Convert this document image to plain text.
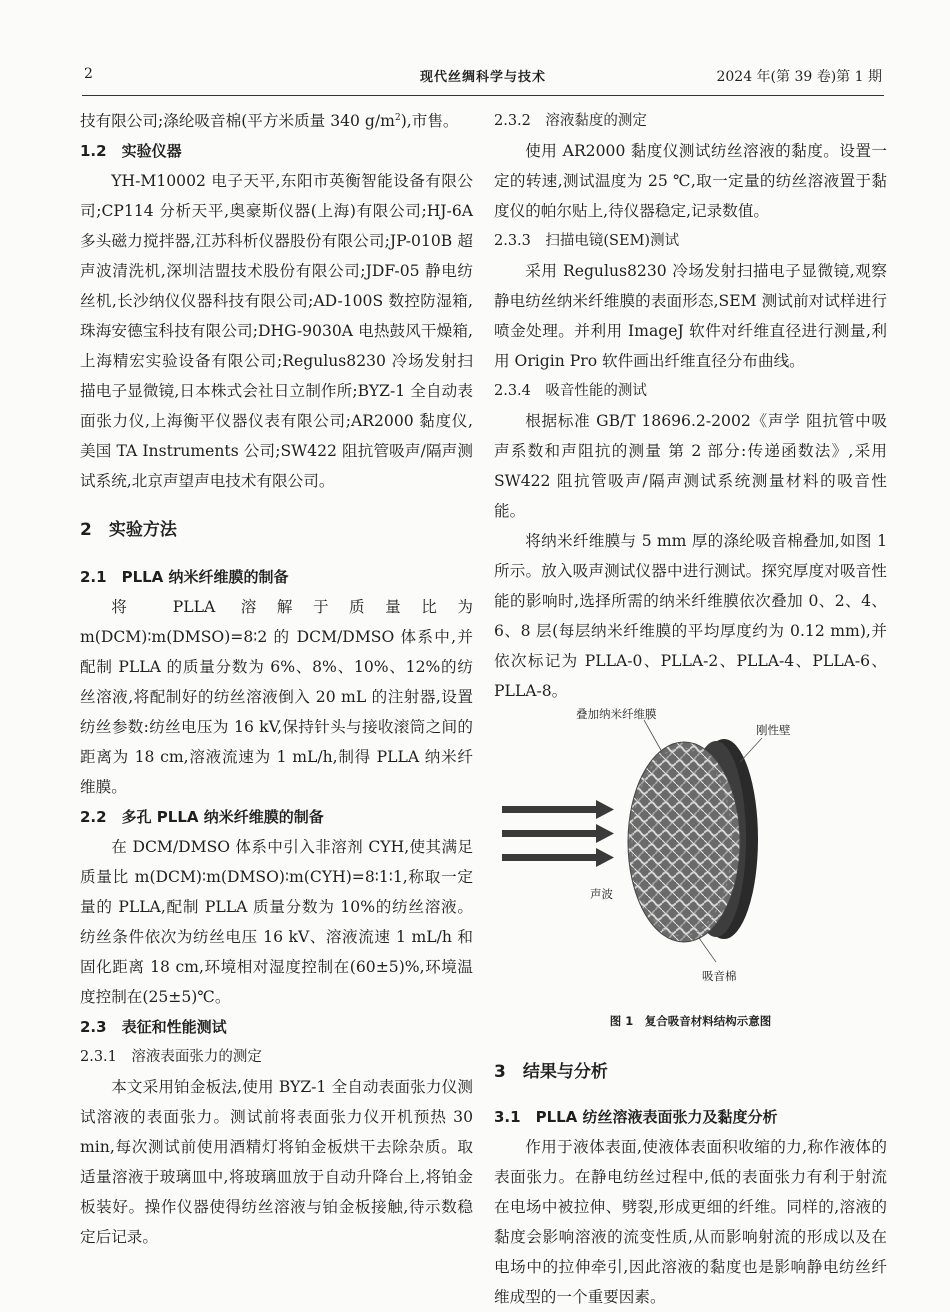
2	现代丝绸科学与技术	2024 年(第 39 卷)第 1 期

技有限公司;涤纶吸音棉(平方米质量 340 $g/m^2$),市售。

1.2　实验仪器

YH-M10002 电子天平,东阳市英衡智能设备有限公司;CP114 分析天平,奥豪斯仪器(上海)有限公司;HJ-6A 多头磁力搅拌器,江苏科析仪器股份有限公司;JP-010B 超声波清洗机,深圳洁盟技术股份有限公司;JDF-05 静电纺丝机,长沙纳仪仪器科技有限公司;AD-100S 数控防湿箱,珠海安德宝科技有限公司;DHG-9030A 电热鼓风干燥箱,上海精宏实验设备有限公司;Regulus8230 冷场发射扫描电子显微镜,日本株式会社日立制作所;BYZ-1 全自动表面张力仪,上海衡平仪器仪表有限公司;AR2000 黏度仪,美国 TA Instruments 公司;SW422 阻抗管吸声/隔声测试系统,北京声望声电技术有限公司。

2　实验方法

2.1　PLLA 纳米纤维膜的制备

将 PLLA 溶解于质量比为 m(DCM)∶m(DMSO)=8∶2 的 DCM/DMSO 体系中,并配制 PLLA 的质量分数为 6%、8%、10%、12%的纺丝溶液,将配制好的纺丝溶液倒入 20 mL 的注射器,设置纺丝参数:纺丝电压为 16 kV,保持针头与接收滚筒之间的距离为 18 cm,溶液流速为 1 mL/h,制得 PLLA 纳米纤维膜。

2.2　多孔 PLLA 纳米纤维膜的制备

在 DCM/DMSO 体系中引入非溶剂 CYH,使其满足质量比 m(DCM)∶m(DMSO)∶m(CYH)=8∶1∶1,称取一定量的 PLLA,配制 PLLA 质量分数为 10%的纺丝溶液。纺丝条件依次为纺丝电压 16 kV、溶液流速 1 mL/h 和固化距离 18 cm,环境相对湿度控制在(60±5)%,环境温度控制在(25±5)℃。

2.3　表征和性能测试

2.3.1　溶液表面张力的测定

本文采用铂金板法,使用 BYZ-1 全自动表面张力仪测试溶液的表面张力。测试前将表面张力仪开机预热 30 min,每次测试前使用酒精灯将铂金板烘干去除杂质。取适量溶液于玻璃皿中,将玻璃皿放于自动升降台上,将铂金板装好。操作仪器使得纺丝溶液与铂金板接触,待示数稳定后记录。

2.3.2　溶液黏度的测定

使用 AR2000 黏度仪测试纺丝溶液的黏度。设置一定的转速,测试温度为 25 ℃,取一定量的纺丝溶液置于黏度仪的帕尔贴上,待仪器稳定,记录数值。

2.3.3　扫描电镜(SEM)测试

采用 Regulus8230 冷场发射扫描电子显微镜,观察静电纺丝纳米纤维膜的表面形态,SEM 测试前对试样进行喷金处理。并利用 ImageJ 软件对纤维直径进行测量,利用 Origin Pro 软件画出纤维直径分布曲线。

2.3.4　吸音性能的测试

根据标准 GB/T 18696.2-2002《声学 阻抗管中吸声系数和声阻抗的测量 第 2 部分:传递函数法》,采用 SW422 阻抗管吸声/隔声测试系统测量材料的吸音性能。

将纳米纤维膜与 5 mm 厚的涤纶吸音棉叠加,如图 1 所示。放入吸声测试仪器中进行测试。探究厚度对吸音性能的影响时,选择所需的纳米纤维膜依次叠加 0、2、4、6、8 层(每层纳米纤维膜的平均厚度约为 0.12 mm),并依次标记为 PLLA-0、PLLA-2、PLLA-4、PLLA-6、PLLA-8。

叠加纳米纤维膜
刚性壁
声波
吸音棉

图 1　复合吸音材料结构示意图

3　结果与分析

3.1　PLLA 纺丝溶液表面张力及黏度分析

作用于液体表面,使液体表面积收缩的力,称作液体的表面张力。在静电纺丝过程中,低的表面张力有利于射流在电场中被拉伸、劈裂,形成更细的纤维。同样的,溶液的黏度会影响溶液的流变性质,从而影响射流的形成以及在电场中的拉伸牵引,因此溶液的黏度也是影响静电纺丝纤维成型的一个重要因素。
